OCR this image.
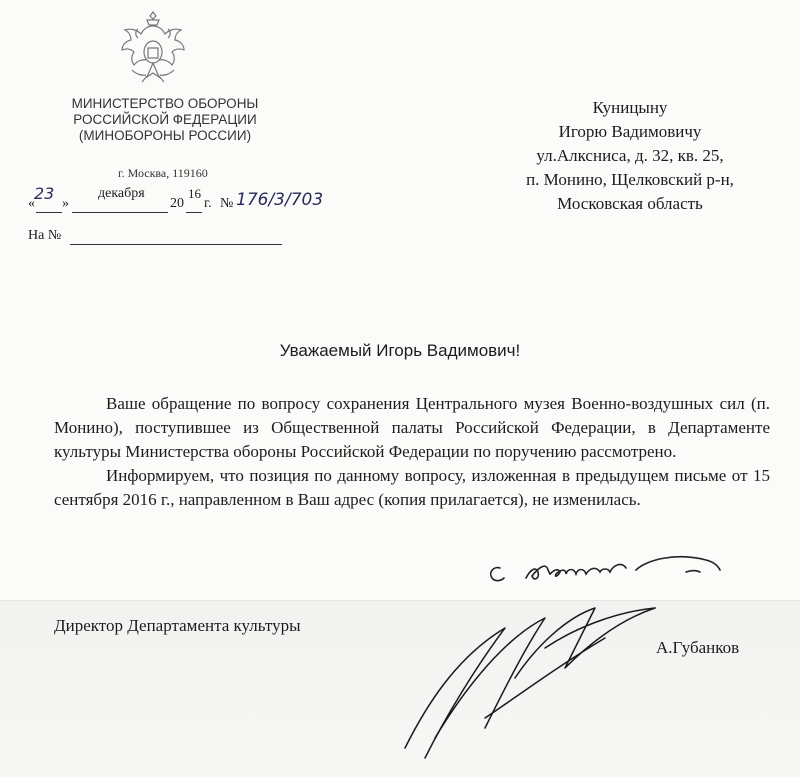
МИНИСТЕРСТВО ОБОРОНЫ
РОССИЙСКОЙ ФЕДЕРАЦИИ
(МИНОБОРОНЫ РОССИИ)
г. Москва, 119160
«
23
»
декабря
20
16
г. № 176/3/703
На №
Куницыну
Игорю Вадимовичу
ул.Алксниса, д. 32, кв. 25,
п. Монино, Щелковский р-н,
Московская область
Уважаемый Игорь Вадимович!

Ваше обращение по вопросу сохранения Центрального музея Военно-воздушных сил (п. Монино), поступившее из Общественной палаты Российской Федерации, в Департаменте культуры Министерства обороны Российской Федерации по поручению рассмотрено.

Информируем, что позиция по данному вопросу, изложенная в предыдущем письме от 15 сентября 2016 г., направленном в Ваш адрес (копия прилагается), не изменилась.

Директор Департамента культуры
А.Губанков
